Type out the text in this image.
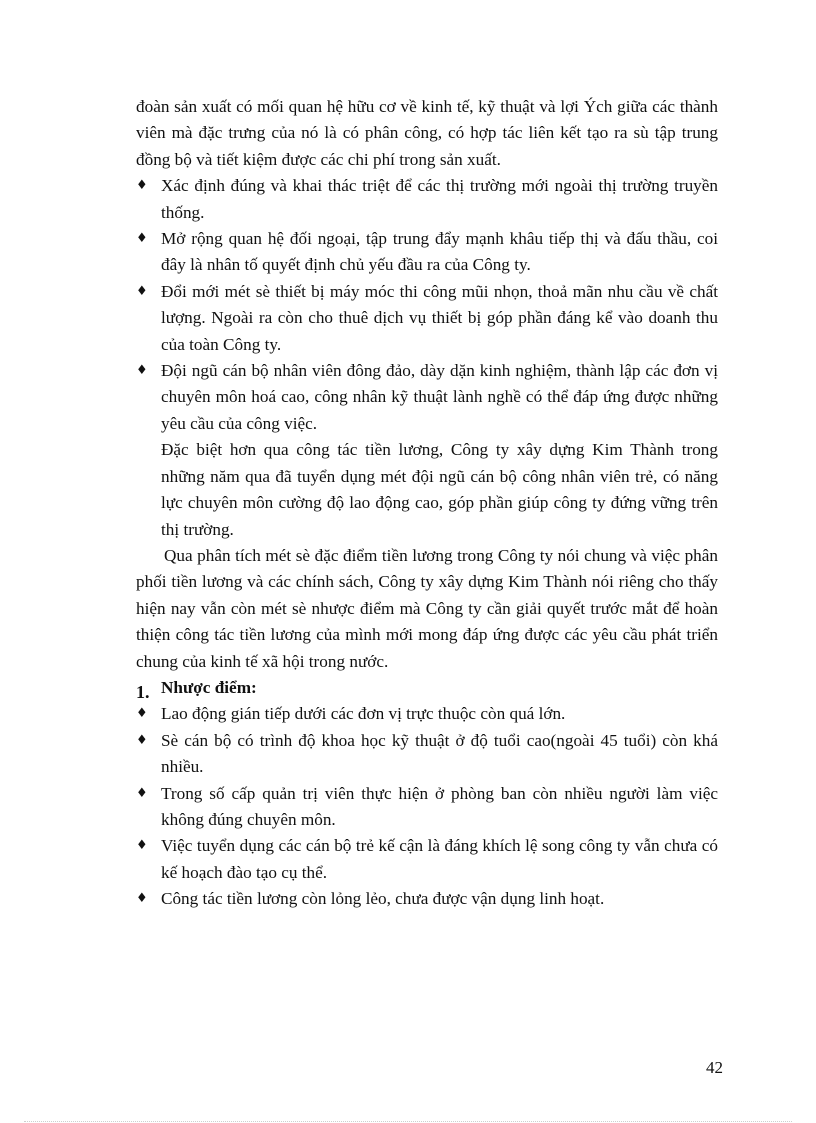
đoàn sản xuất có mối quan hệ hữu cơ về kinh tế, kỹ thuật và lợi Ých giữa các thành viên mà đặc trưng của nó là có phân công, có hợp tác liên kết tạo ra sù tập trung đồng bộ và tiết kiệm được các chi phí trong sản xuất.

♦ Xác định đúng và khai thác triệt để các thị trường mới ngoài thị trường truyền thống.

♦ Mở rộng quan hệ đối ngoại, tập trung đẩy mạnh khâu tiếp thị và đấu thầu, coi đây là nhân tố quyết định chủ yếu đầu ra của Công ty.

♦ Đổi mới mét sè thiết bị máy móc thi công mũi nhọn, thoả mãn nhu cầu về chất lượng. Ngoài ra còn cho thuê dịch vụ thiết bị góp phần đáng kể vào doanh thu của toàn Công ty.

♦ Đội ngũ cán bộ nhân viên đông đảo, dày dặn kinh nghiệm, thành lập các đơn vị chuyên môn hoá cao, công nhân kỹ thuật lành nghề có thể đáp ứng được những yêu cầu của công việc.

Đặc biệt hơn qua công tác tiền lương, Công ty xây dựng Kim Thành trong những năm qua đã tuyển dụng mét đội ngũ cán bộ công nhân viên trẻ, có năng lực chuyên môn cường độ lao động cao, góp phần giúp công ty đứng vững trên thị trường.

Qua phân tích mét sè đặc điểm tiền lương trong Công ty nói chung và việc phân phối tiền lương và các chính sách, Công ty xây dựng Kim Thành nói riêng cho thấy hiện nay vẫn còn mét sè nhược điểm mà Công ty cần giải quyết trước mắt để hoàn thiện công tác tiền lương của mình mới mong đáp ứng được các yêu cầu phát triển chung của kinh tế xã hội trong nước.

1. Nhược điểm:

♦ Lao động gián tiếp dưới các đơn vị trực thuộc còn quá lớn.

♦ Sè cán bộ có trình độ khoa học kỹ thuật ở độ tuổi cao(ngoài 45 tuổi) còn khá nhiều.

♦ Trong số cấp quản trị viên thực hiện ở phòng ban còn nhiều người làm việc không đúng chuyên môn.

♦ Việc tuyển dụng các cán bộ trẻ kế cận là đáng khích lệ song công ty vẫn chưa có kế hoạch đào tạo cụ thể.

♦ Công tác tiền lương còn lỏng lẻo, chưa được vận dụng linh hoạt.

42
